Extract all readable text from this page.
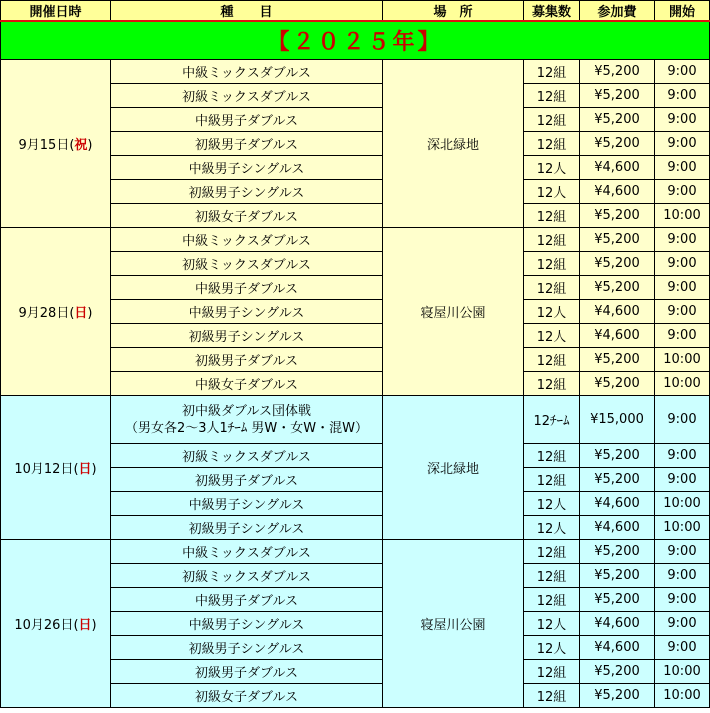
開催日時	種　　目	場　所	募集数	参加費	開始
【２０２５年】					
9月15日(祝)	中級ミックスダブルス	深北緑地	12組	¥5,200	9:00
	初級ミックスダブルス		12組	¥5,200	9:00
	中級男子ダブルス		12組	¥5,200	9:00
	初級男子ダブルス		12組	¥5,200	9:00
	中級男子シングルス		12人	¥4,600	9:00
	初級男子シングルス		12人	¥4,600	9:00
	初級女子ダブルス		12組	¥5,200	10:00
9月28日(日)	中級ミックスダブルス	寝屋川公園	12組	¥5,200	9:00
	初級ミックスダブルス		12組	¥5,200	9:00
	中級男子ダブルス		12組	¥5,200	9:00
	中級男子シングルス		12人	¥4,600	9:00
	初級男子シングルス		12人	¥4,600	9:00
	初級男子ダブルス		12組	¥5,200	10:00
	中級女子ダブルス		12組	¥5,200	10:00
10月12日(日)	初中級ダブルス団体戦
（男女各2～3人1ﾁｰﾑ 男W・女W・混W）	深北緑地	12ﾁｰﾑ	¥15,000	9:00
	初級ミックスダブルス		12組	¥5,200	9:00
	初級男子ダブルス		12組	¥5,200	9:00
	中級男子シングルス		12人	¥4,600	10:00
	初級男子シングルス		12人	¥4,600	10:00
10月26日(日)	中級ミックスダブルス	寝屋川公園	12組	¥5,200	9:00
	初級ミックスダブルス		12組	¥5,200	9:00
	中級男子ダブルス		12組	¥5,200	9:00
	中級男子シングルス		12人	¥4,600	9:00
	初級男子シングルス		12人	¥4,600	9:00
	初級男子ダブルス		12組	¥5,200	10:00
	初級女子ダブルス		12組	¥5,200	10:00
